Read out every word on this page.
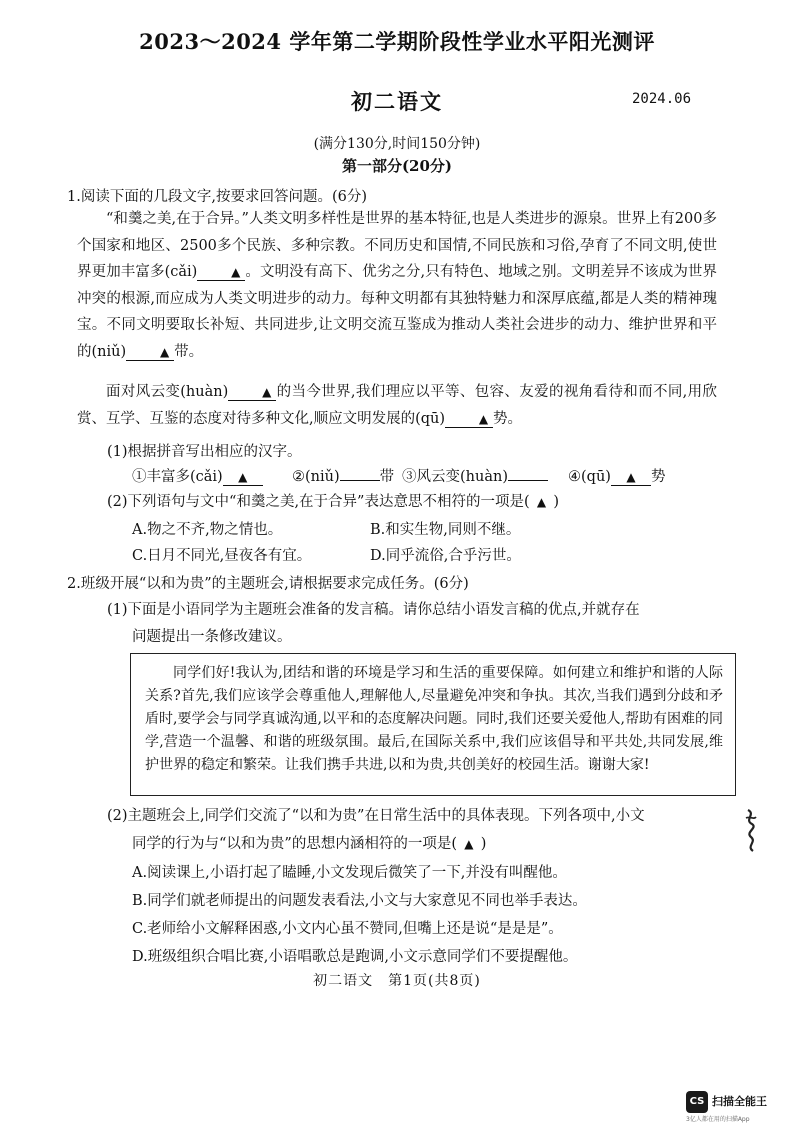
2023～2024 学年第二学期阶段性学业水平阳光测评
初二语文	2024.06
(满分130分,时间150分钟)
第一部分(20分)
1.阅读下面的几段文字,按要求回答问题。(6分)
“和羹之美,在于合异。”人类文明多样性是世界的基本特征,也是人类进步的源泉。世界上有200多个国家和地区、2500多个民族、多种宗教。不同历史和国情,不同民族和习俗,孕育了不同文明,使世界更加丰富多(cǎi)	▲ 。文明没有高下、优劣之分,只有特色、地域之别。文明差异不该成为世界冲突的根源,而应成为人类文明进步的动力。每种文明都有其独特魅力和深厚底蕴,都是人类的精神瑰宝。不同文明要取长补短、共同进步,让文明交流互鉴成为推动人类社会进步的动力、维护世界和平的(niǔ)	▲ 带。
面对风云变(huàn)	▲ 的当今世界,我们理应以平等、包容、友爱的视角看待和而不同,用欣赏、互学、互鉴的态度对待多种文化,顺应文明发展的(qū)	▲ 势。
(1)根据拼音写出相应的汉字。
①丰富多(cǎi) ▲	②(niǔ)	带 ③风云变(huàn)	④(qū) ▲ 势
(2)下列语句与文中“和羹之美,在于合异”表达意思不相符的一项是(  ▲  )
A.物之不齐,物之情也。	B.和实生物,同则不继。
C.日月不同光,昼夜各有宜。	D.同乎流俗,合乎污世。
2.班级开展“以和为贵”的主题班会,请根据要求完成任务。(6分)
(1)下面是小语同学为主题班会准备的发言稿。请你总结小语发言稿的优点,并就存在
问题提出一条修改建议。

同学们好!我认为,团结和谐的环境是学习和生活的重要保障。如何建立和维护和谐的人际关系?首先,我们应该学会尊重他人,理解他人,尽量避免冲突和争执。其次,当我们遇到分歧和矛盾时,要学会与同学真诚沟通,以平和的态度解决问题。同时,我们还要关爱他人,帮助有困难的同学,营造一个温馨、和谐的班级氛围。最后,在国际关系中,我们应该倡导和平共处,共同发展,维护世界的稳定和繁荣。让我们携手共进,以和为贵,共创美好的校园生活。谢谢大家!

(2)主题班会上,同学们交流了“以和为贵”在日常生活中的具体表现。下列各项中,小文
同学的行为与“以和为贵”的思想内涵相符的一项是(  ▲  )
A.阅读课上,小语打起了瞌睡,小文发现后微笑了一下,并没有叫醒他。
B.同学们就老师提出的问题发表看法,小文与大家意见不同也举手表达。
C.老师给小文解释困惑,小文内心虽不赞同,但嘴上还是说“是是是”。
D.班级组织合唱比赛,小语唱歌总是跑调,小文示意同学们不要提醒他。
初二语文　第1页(共8页)
CS 扫描全能王
3亿人都在用的扫描App
